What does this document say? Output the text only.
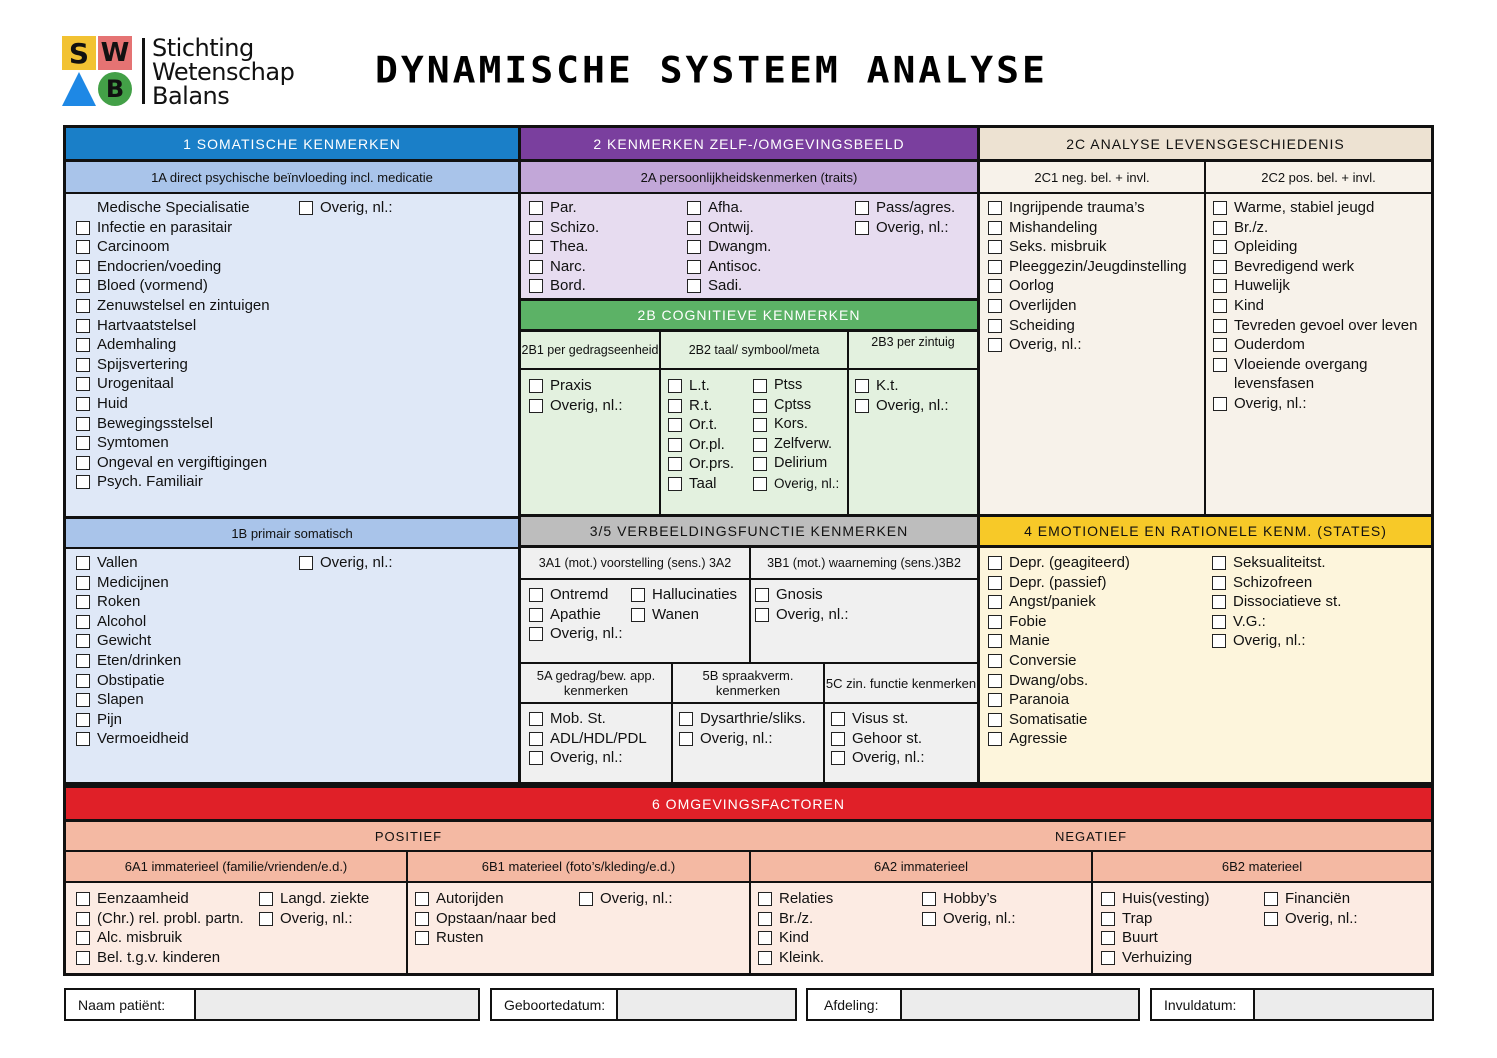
S W
B
Stichting
Wetenschap
Balans
DYNAMISCHE SYSTEEM ANALYSE
1 SOMATISCHE KENMERKEN
1A direct psychische beïnvloeding incl. medicatie
Medische Specialisatie
Infectie en parasitair
Carcinoom
Endocrien/voeding
Bloed (vormend)
Zenuwstelsel en zintuigen
Hartvaatstelsel
Ademhaling
Spijsvertering
Urogenitaal
Huid
Bewegingsstelsel
Symtomen
Ongeval en vergiftigingen
Psych. Familiair
Overig, nl.:
1B primair somatisch
Vallen
Medicijnen
Roken
Alcohol
Gewicht
Eten/drinken
Obstipatie
Slapen
Pijn
Vermoeidheid
Overig, nl.:
2 KENMERKEN ZELF-/OMGEVINGSBEELD
2A persoonlijkheidskenmerken (traits)
Par.
Schizo.
Thea.
Narc.
Bord.
Afha.
Ontwij.
Dwangm.
Antisoc.
Sadi.
Pass/agres.
Overig, nl.:
2B COGNITIEVE KENMERKEN
2B1 per gedragseenheid	2B2 taal/ symbool/meta
2B3 per zintuig
Praxis
Overig, nl.:
L.t.
R.t.
Or.t.
Or.pl.
Or.prs.
Taal
Ptss
Cptss
Kors.
Zelfverw.
Delirium
Overig, nl.:
K.t.
Overig, nl.:
2C ANALYSE LEVENSGESCHIEDENIS
2C1 neg. bel. + invl.	2C2 pos. bel. + invl.
Ingrijpende trauma’s
Mishandeling
Seks. misbruik
Pleeggezin/Jeugdinstelling
Oorlog
Overlijden
Scheiding
Overig, nl.:
Warme, stabiel jeugd
Br./z.
Opleiding
Bevredigend werk
Huwelijk
Kind
Tevreden gevoel over leven
Ouderdom
Vloeiende overgang
levensfasen
Overig, nl.:
3/5 VERBEELDINGSFUNCTIE KENMERKEN
3A1 (mot.) voorstelling (sens.) 3A2	3B1 (mot.) waarneming (sens.)3B2
Ontremd
Apathie
Overig, nl.:
Hallucinaties
Wanen
Gnosis
Overig, nl.:
5A gedrag/bew. app. kenmerken
5B spraakverm. kenmerken	5C zin. functie kenmerken
Mob. St.
ADL/HDL/PDL
Overig, nl.:
Dysarthrie/sliks.
Overig, nl.:
Visus st.
Gehoor st.
Overig, nl.:
4 EMOTIONELE EN RATIONELE KENM. (STATES)
Depr. (geagiteerd)
Depr. (passief)
Angst/paniek
Fobie
Manie
Conversie
Dwang/obs.
Paranoia
Somatisatie
Agressie
Seksualiteitst.
Schizofreen
Dissociatieve st.
V.G.:
Overig, nl.:
6 OMGEVINGSFACTOREN
POSITIEF	NEGATIEF
6A1 immaterieel (familie/vrienden/e.d.)	6B1 materieel (foto’s/kleding/e.d.)	6A2 immaterieel	6B2 materieel
Eenzaamheid
(Chr.) rel. probl. partn.
Alc. misbruik
Bel. t.g.v. kinderen
Langd. ziekte
Overig, nl.:
Autorijden
Opstaan/naar bed
Rusten
Overig, nl.:	Relaties
Br./z.
Kind
Kleink.
Hobby’s
Overig, nl.:
Huis(vesting)
Trap
Buurt
Verhuizing
Financiën
Overig, nl.:
Naam patiënt:	Geboortedatum:	Afdeling:	Invuldatum:
